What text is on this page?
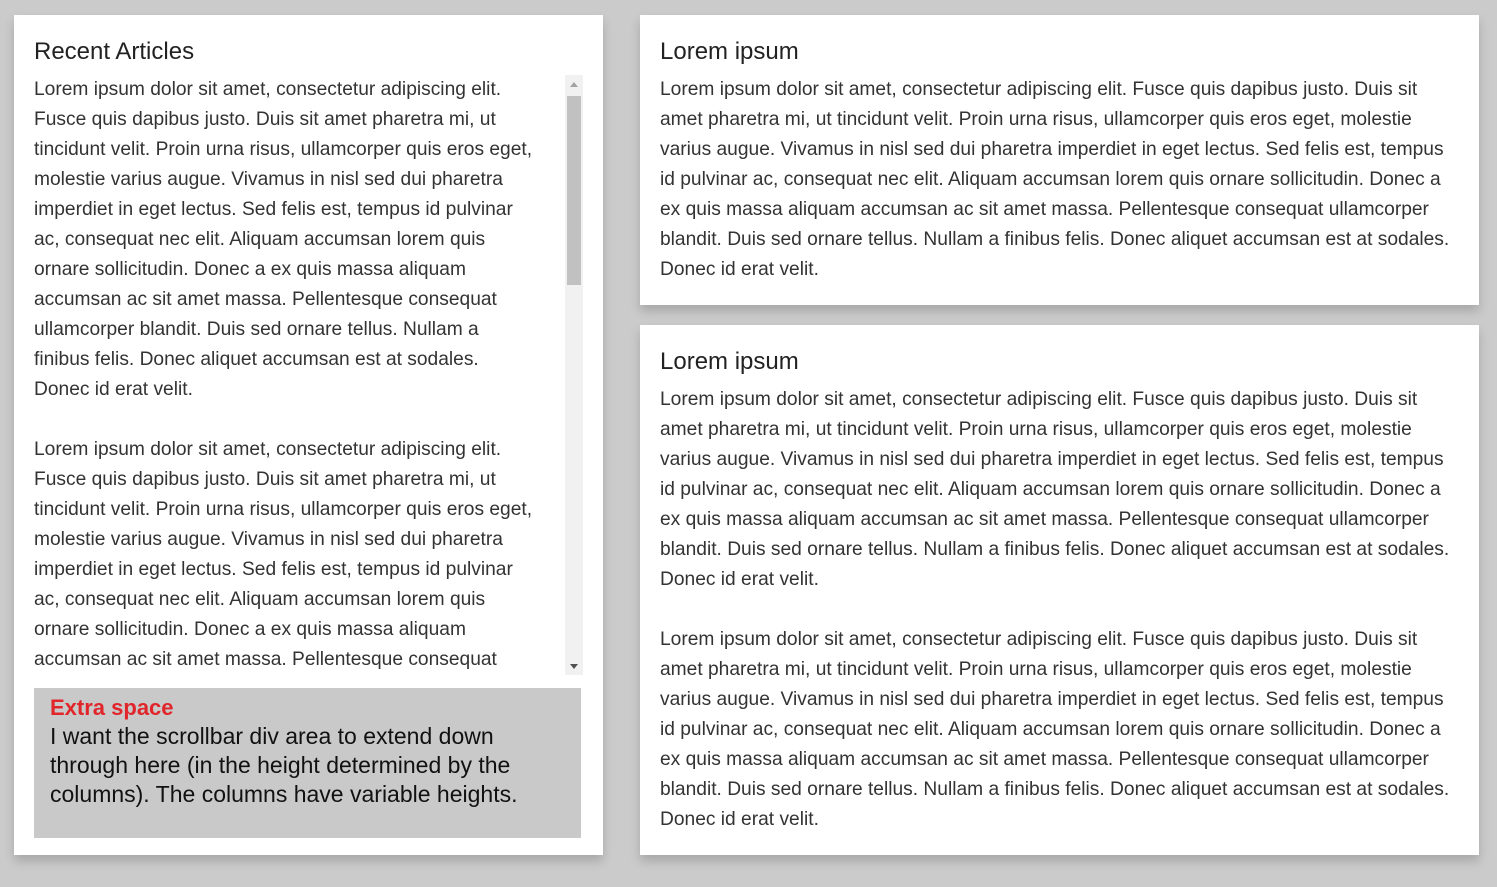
Recent Articles

Lorem ipsum dolor sit amet, consectetur adipiscing elit. Fusce quis dapibus justo. Duis sit amet pharetra mi, ut tincidunt velit. Proin urna risus, ullamcorper quis eros eget, molestie varius augue. Vivamus in nisl sed dui pharetra imperdiet in eget lectus. Sed felis est, tempus id pulvinar ac, consequat nec elit. Aliquam accumsan lorem quis ornare sollicitudin. Donec a ex quis massa aliquam accumsan ac sit amet massa. Pellentesque consequat ullamcorper blandit. Duis sed ornare tellus. Nullam a finibus felis. Donec aliquet accumsan est at sodales. Donec id erat velit.

Lorem ipsum dolor sit amet, consectetur adipiscing elit. Fusce quis dapibus justo. Duis sit amet pharetra mi, ut tincidunt velit. Proin urna risus, ullamcorper quis eros eget, molestie varius augue. Vivamus in nisl sed dui pharetra imperdiet in eget lectus. Sed felis est, tempus id pulvinar ac, consequat nec elit. Aliquam accumsan lorem quis ornare sollicitudin. Donec a ex quis massa aliquam accumsan ac sit amet massa. Pellentesque consequat

Extra space
I want the scrollbar div area to extend down through here (in the height determined by the columns). The columns have variable heights.
Lorem ipsum

Lorem ipsum dolor sit amet, consectetur adipiscing elit. Fusce quis dapibus justo. Duis sit amet pharetra mi, ut tincidunt velit. Proin urna risus, ullamcorper quis eros eget, molestie varius augue. Vivamus in nisl sed dui pharetra imperdiet in eget lectus. Sed felis est, tempus id pulvinar ac, consequat nec elit. Aliquam accumsan lorem quis ornare sollicitudin. Donec a ex quis massa aliquam accumsan ac sit amet massa. Pellentesque consequat ullamcorper blandit. Duis sed ornare tellus. Nullam a finibus felis. Donec aliquet accumsan est at sodales. Donec id erat velit.

Lorem ipsum

Lorem ipsum dolor sit amet, consectetur adipiscing elit. Fusce quis dapibus justo. Duis sit amet pharetra mi, ut tincidunt velit. Proin urna risus, ullamcorper quis eros eget, molestie varius augue. Vivamus in nisl sed dui pharetra imperdiet in eget lectus. Sed felis est, tempus id pulvinar ac, consequat nec elit. Aliquam accumsan lorem quis ornare sollicitudin. Donec a ex quis massa aliquam accumsan ac sit amet massa. Pellentesque consequat ullamcorper blandit. Duis sed ornare tellus. Nullam a finibus felis. Donec aliquet accumsan est at sodales. Donec id erat velit.

Lorem ipsum dolor sit amet, consectetur adipiscing elit. Fusce quis dapibus justo. Duis sit amet pharetra mi, ut tincidunt velit. Proin urna risus, ullamcorper quis eros eget, molestie varius augue. Vivamus in nisl sed dui pharetra imperdiet in eget lectus. Sed felis est, tempus id pulvinar ac, consequat nec elit. Aliquam accumsan lorem quis ornare sollicitudin. Donec a ex quis massa aliquam accumsan ac sit amet massa. Pellentesque consequat ullamcorper blandit. Duis sed ornare tellus. Nullam a finibus felis. Donec aliquet accumsan est at sodales. Donec id erat velit.
